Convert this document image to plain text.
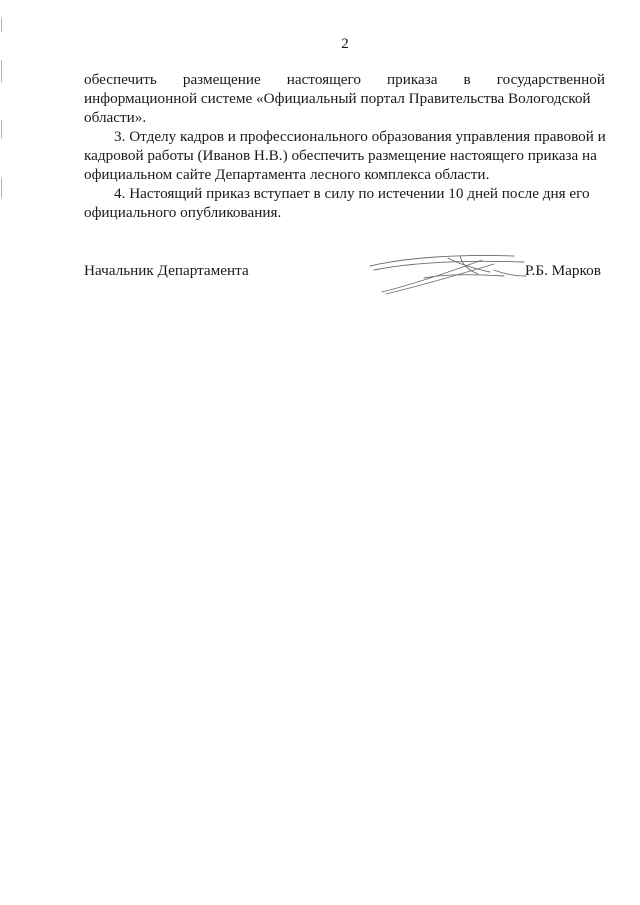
2
обеспечить размещение настоящего приказа в государственной
информационной системе «Официальный портал Правительства Вологодской
области».
3. Отделу кадров и профессионального образования управления правовой и
кадровой работы (Иванов Н.В.) обеспечить размещение настоящего приказа на
официальном сайте Департамента лесного комплекса области.
4. Настоящий приказ вступает в силу по истечении 10 дней после дня его
официального опубликования.
Начальник Департамента	Р.Б. Марков
